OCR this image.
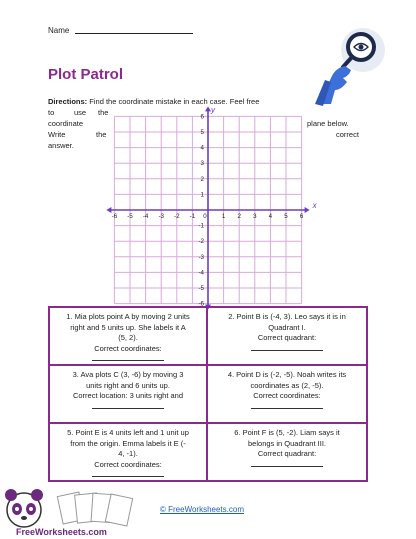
Name
Plot Patrol
Directions: Find the coordinate mistake in each case. Feel free
to	use the
coordinate	plane below.
Write	the	correct
answer.
-6 -5 -4 -3 -2 -1 0 1 2 3 4 5 6
6
5
4
3
2
1
-1
-2
-3
-4
-5
-6
x
y
1. Mia plots point A by moving 2 units
right and 5 units up. She labels it A
(5, 2).
Correct coordinates:
2. Point B is (-4, 3). Leo says it is in
Quadrant I.
Correct quadrant:
3. Ava plots C (3, -6) by moving 3
units right and 6 units up.
Correct location: 3 units right and
4. Point D is (-2, -5). Noah writes its
coordinates as (2, -5).
Correct coordinates:
5. Point E is 4 units left and 1 unit up
from the origin. Emma labels it E (-
4, -1).
Correct coordinates:
6. Point F is (5, -2). Liam says it
belongs in Quadrant III.
Correct quadrant:
FreeWorksheets.com
© FreeWorksheets.com
